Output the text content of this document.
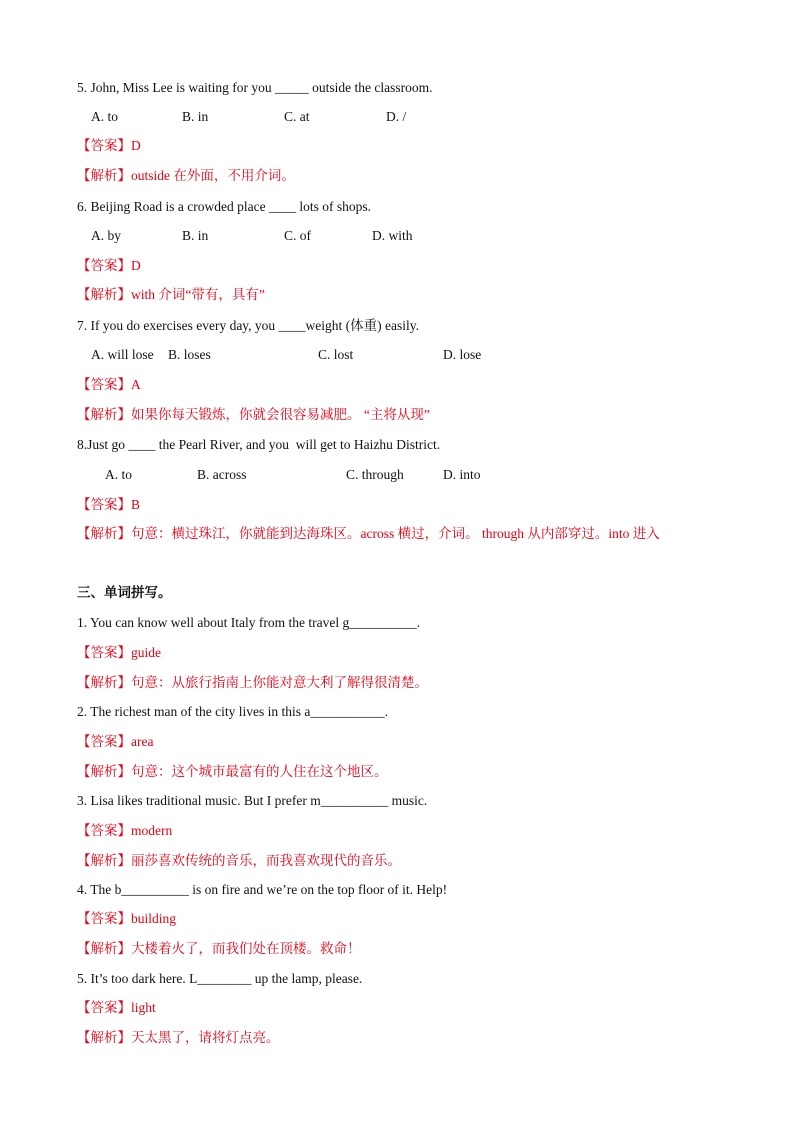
5. John, Miss Lee is waiting for you _____ outside the classroom.
A. to	B. in	C. at	D. /
【答案】D
【解析】outside 在外面，不用介词。
6. Beijing Road is a crowded place ____ lots of shops.
A. by	B. in	C. of	D. with
【答案】D
【解析】with 介词“带有，具有”
7. If you do exercises every day, you ____weight (体重) easily.
A. will lose B. loses	C. lost	D. lose
【答案】A
【解析】如果你每天锻炼，你就会很容易减肥。 “主将从现”
8.Just go ____ the Pearl River, and you  will get to Haizhu District.
A. to	B. across	C. through	D. into
【答案】B
【解析】句意：横过珠江，你就能到达海珠区。across 横过，介词。 through 从内部穿过。into 进入
三、单词拼写。
1. You can know well about Italy from the travel g__________.
【答案】guide
【解析】句意：从旅行指南上你能对意大利了解得很清楚。
2. The richest man of the city lives in this a___________.
【答案】area
【解析】句意：这个城市最富有的人住在这个地区。
3. Lisa likes traditional music. But I prefer m__________ music.
【答案】modern
【解析】丽莎喜欢传统的音乐，而我喜欢现代的音乐。
4. The b__________ is on fire and we’re on the top floor of it. Help!
【答案】building
【解析】大楼着火了，而我们处在顶楼。救命！
5. It’s too dark here. L________ up the lamp, please.
【答案】light
【解析】天太黑了，请将灯点亮。
